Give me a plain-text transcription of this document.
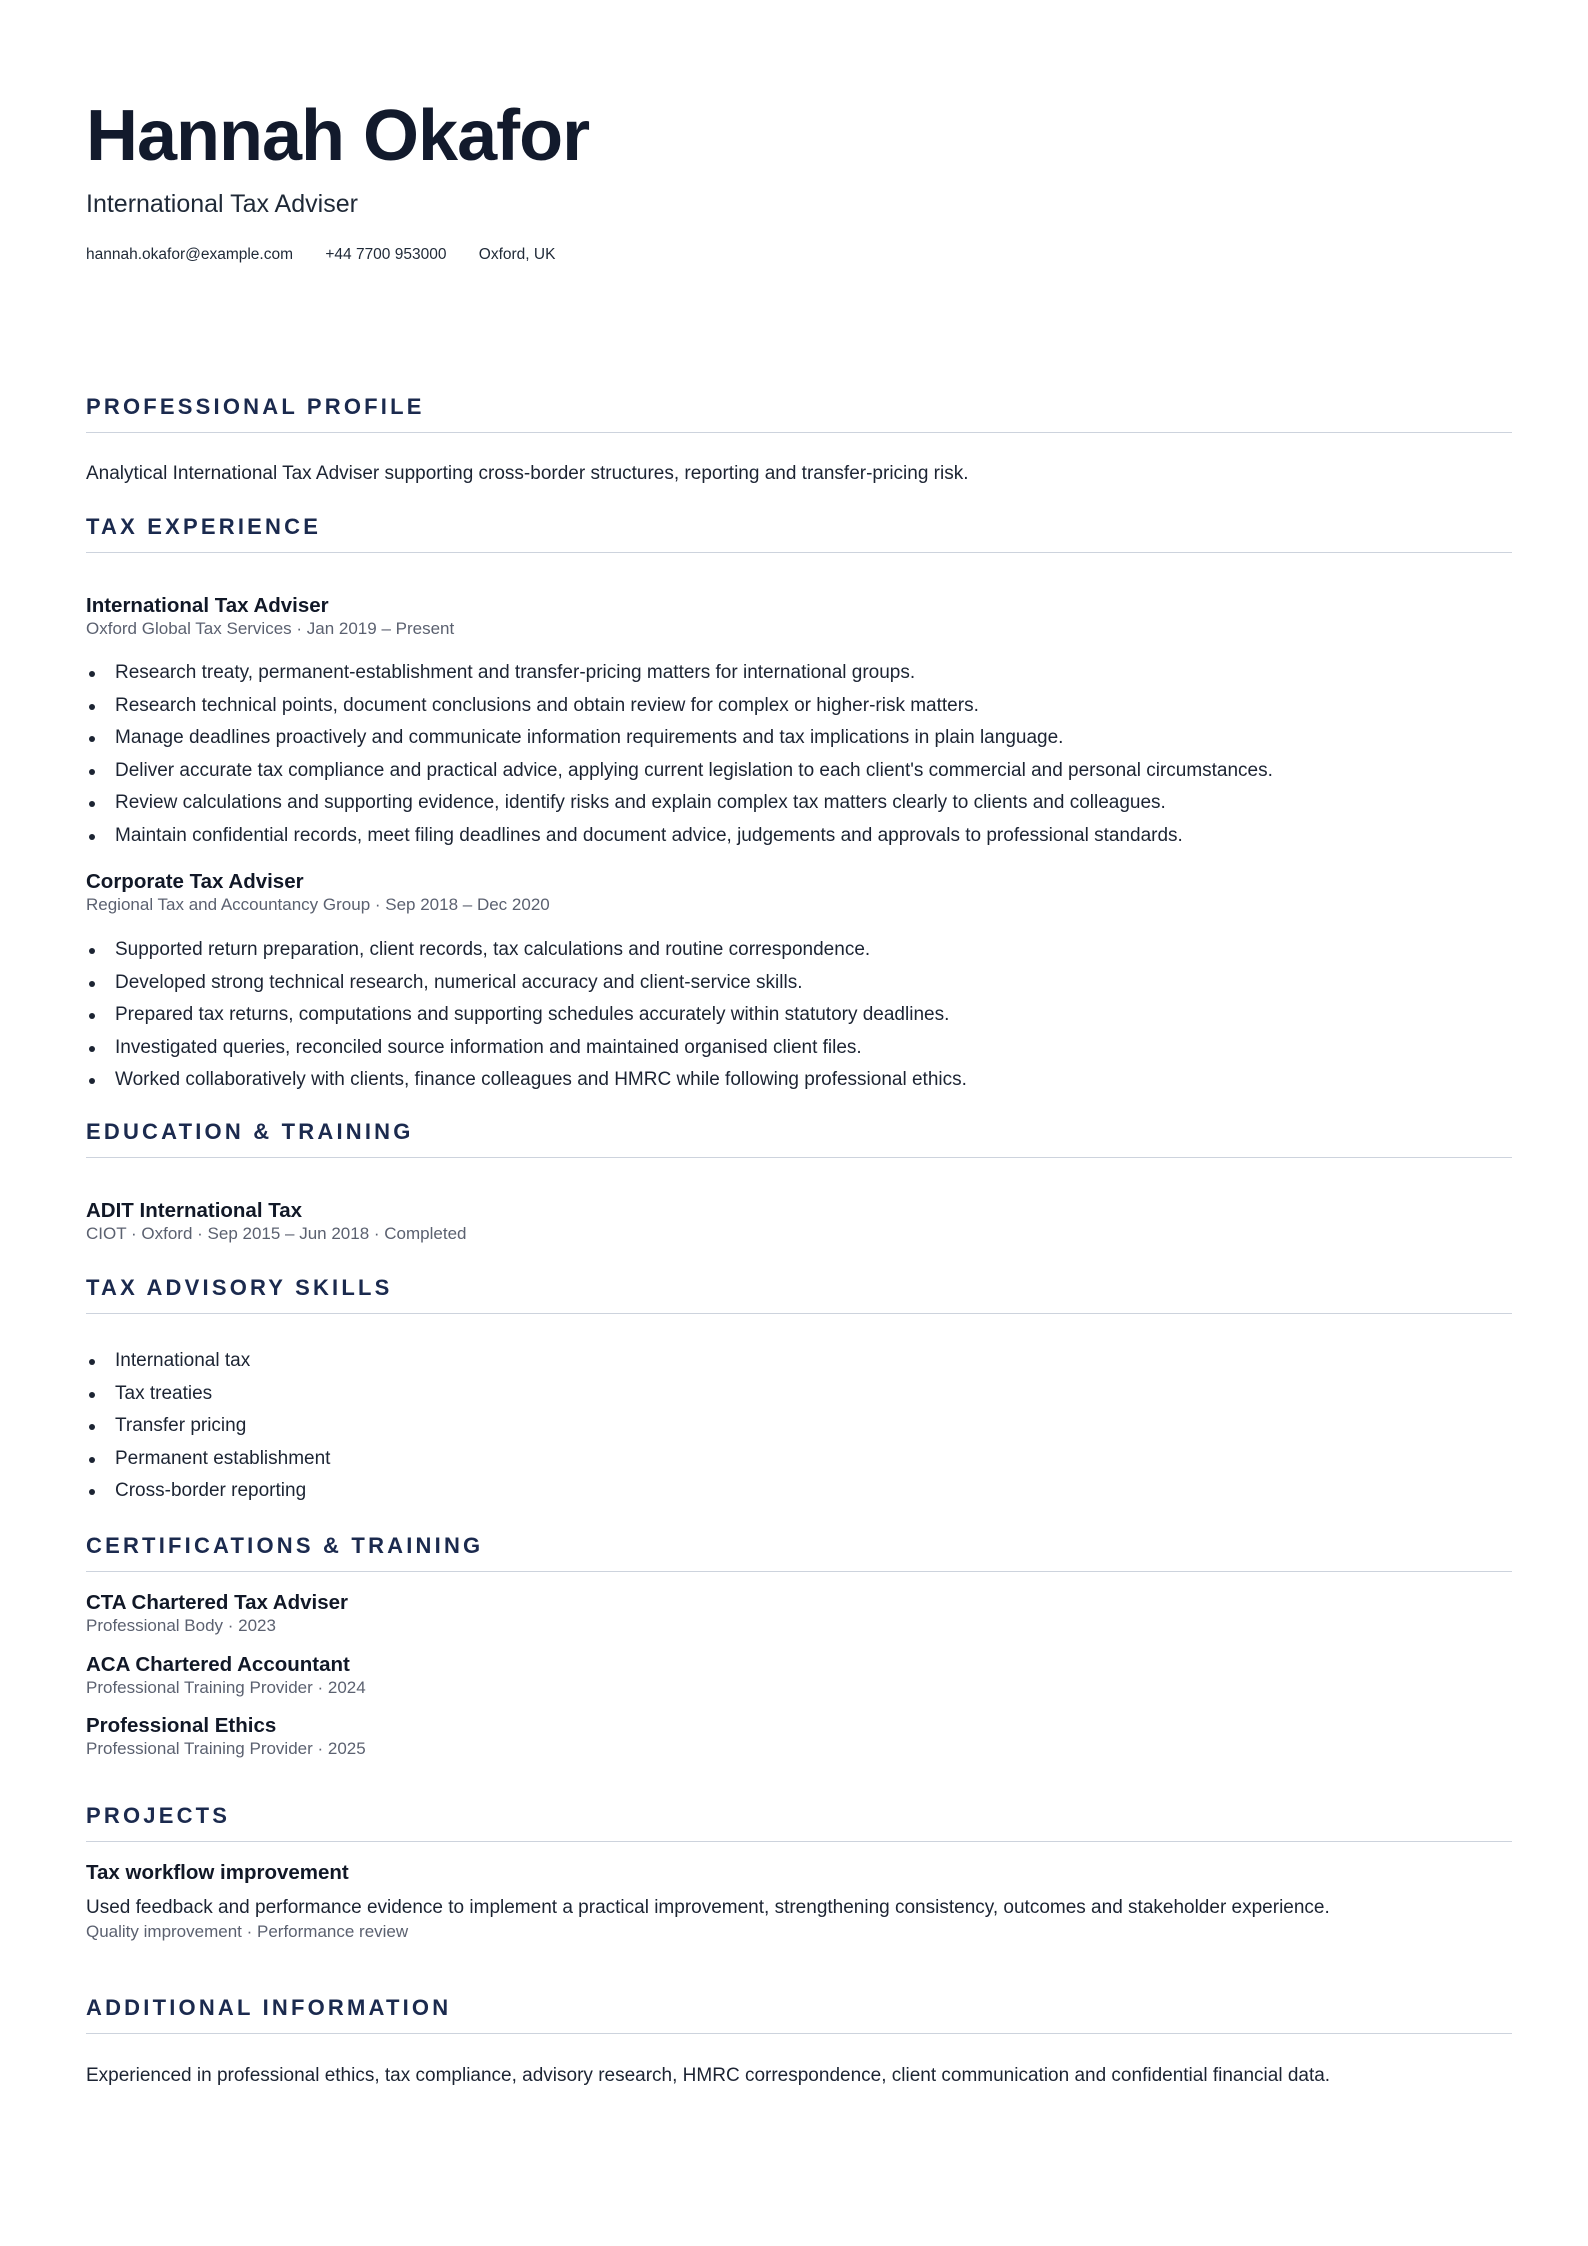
Hannah Okafor
International Tax Adviser
hannah.okafor@example.com +44 7700 953000 Oxford, UK
PROFESSIONAL PROFILE
Analytical International Tax Adviser supporting cross-border structures, reporting and transfer-pricing risk.
TAX EXPERIENCE
International Tax Adviser
Oxford Global Tax Services · Jan 2019 – Present
Research treaty, permanent-establishment and transfer-pricing matters for international groups.
Research technical points, document conclusions and obtain review for complex or higher-risk matters.
Manage deadlines proactively and communicate information requirements and tax implications in plain language.
Deliver accurate tax compliance and practical advice, applying current legislation to each client's commercial and personal circumstances.
Review calculations and supporting evidence, identify risks and explain complex tax matters clearly to clients and colleagues.
Maintain confidential records, meet filing deadlines and document advice, judgements and approvals to professional standards.
Corporate Tax Adviser
Regional Tax and Accountancy Group · Sep 2018 – Dec 2020
Supported return preparation, client records, tax calculations and routine correspondence.
Developed strong technical research, numerical accuracy and client-service skills.
Prepared tax returns, computations and supporting schedules accurately within statutory deadlines.
Investigated queries, reconciled source information and maintained organised client files.
Worked collaboratively with clients, finance colleagues and HMRC while following professional ethics.
EDUCATION & TRAINING
ADIT International Tax
CIOT · Oxford · Sep 2015 – Jun 2018 · Completed
TAX ADVISORY SKILLS
International tax
Tax treaties
Transfer pricing
Permanent establishment
Cross-border reporting
CERTIFICATIONS & TRAINING
CTA Chartered Tax Adviser
Professional Body · 2023
ACA Chartered Accountant
Professional Training Provider · 2024
Professional Ethics
Professional Training Provider · 2025
PROJECTS
Tax workflow improvement
Used feedback and performance evidence to implement a practical improvement, strengthening consistency, outcomes and stakeholder experience.
Quality improvement · Performance review
ADDITIONAL INFORMATION
Experienced in professional ethics, tax compliance, advisory research, HMRC correspondence, client communication and confidential financial data.
